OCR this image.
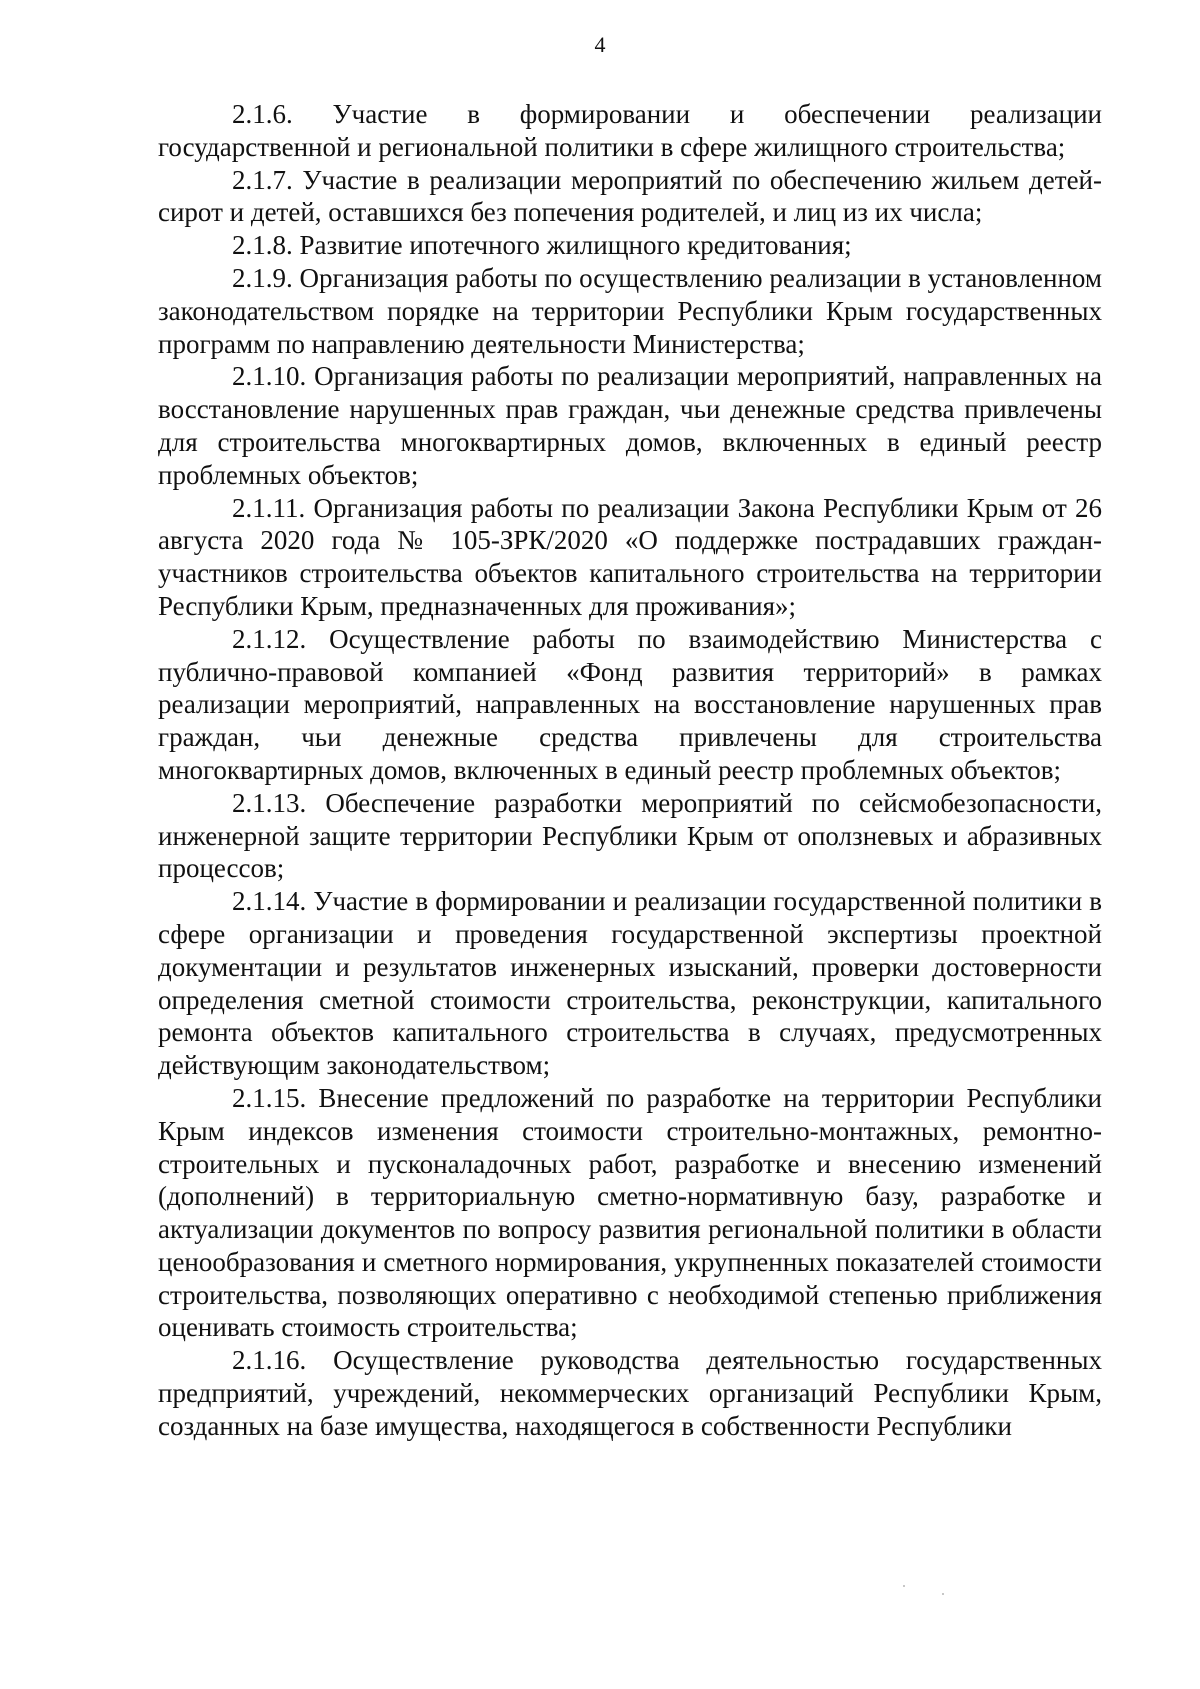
4

2.1.6. Участие в формировании и обеспечении реализации государственной и региональной политики в сфере жилищного строительства;

2.1.7. Участие в реализации мероприятий по обеспечению жильем детей-сирот и детей, оставшихся без попечения родителей, и лиц из их числа;

2.1.8. Развитие ипотечного жилищного кредитования;

2.1.9. Организация работы по осуществлению реализации в установленном законодательством порядке на территории Республики Крым государственных программ по направлению деятельности Министерства;

2.1.10. Организация работы по реализации мероприятий, направленных на восстановление нарушенных прав граждан, чьи денежные средства привлечены для строительства многоквартирных домов, включенных в единый реестр проблемных объектов;

2.1.11. Организация работы по реализации Закона Республики Крым от 26 августа 2020 года № 105-ЗРК/2020 «О поддержке пострадавших граждан-участников строительства объектов капитального строительства на территории Республики Крым, предназначенных для проживания»;

2.1.12. Осуществление работы по взаимодействию Министерства с публично-правовой компанией «Фонд развития территорий» в рамках реализации мероприятий, направленных на восстановление нарушенных прав граждан, чьи денежные средства привлечены для строительства многоквартирных домов, включенных в единый реестр проблемных объектов;

2.1.13. Обеспечение разработки мероприятий по сейсмобезопасности, инженерной защите территории Республики Крым от оползневых и абразивных процессов;

2.1.14. Участие в формировании и реализации государственной политики в сфере организации и проведения государственной экспертизы проектной документации и результатов инженерных изысканий, проверки достоверности определения сметной стоимости строительства, реконструкции, капитального ремонта объектов капитального строительства в случаях, предусмотренных действующим законодательством;

2.1.15. Внесение предложений по разработке на территории Республики Крым индексов изменения стоимости строительно-монтажных, ремонтно-строительных и пусконаладочных работ, разработке и внесению изменений (дополнений) в территориальную сметно-нормативную базу, разработке и актуализации документов по вопросу развития региональной политики в области ценообразования и сметного нормирования, укрупненных показателей стоимости строительства, позволяющих оперативно с необходимой степенью приближения оценивать стоимость строительства;

2.1.16. Осуществление руководства деятельностью государственных предприятий, учреждений, некоммерческих организаций Республики Крым, созданных на базе имущества, находящегося в собственности Республики
